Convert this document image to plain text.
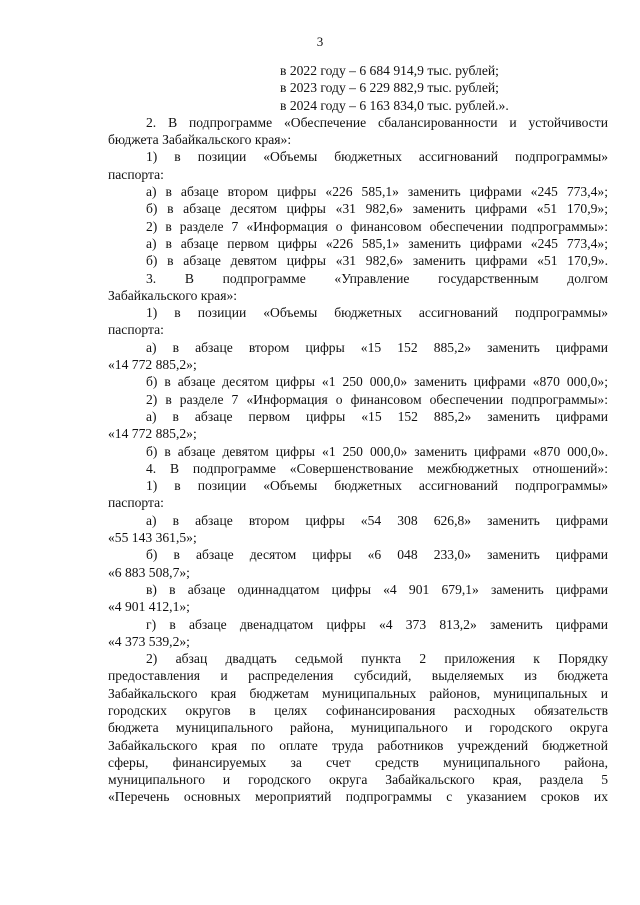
3
в 2022 году – 6 684 914,9 тыс. рублей;
в 2023 году – 6 229 882,9 тыс. рублей;
в 2024 году – 6 163 834,0 тыс. рублей.».
2. В подпрограмме «Обеспечение сбалансированности и устойчивости
бюджета Забайкальского края»:
1) в позиции «Объемы бюджетных ассигнований подпрограммы»
паспорта:
а) в абзаце втором цифры «226 585,1» заменить цифрами «245 773,4»;
б) в абзаце десятом цифры «31 982,6» заменить цифрами «51 170,9»;
2) в разделе 7 «Информация о финансовом обеспечении подпрограммы»:
а) в абзаце первом цифры «226 585,1» заменить цифрами «245 773,4»;
б) в абзаце девятом цифры «31 982,6» заменить цифрами «51 170,9».
3. В подпрограмме «Управление государственным долгом
Забайкальского края»:
1) в позиции «Объемы бюджетных ассигнований подпрограммы»
паспорта:
а) в абзаце втором цифры «15 152 885,2» заменить цифрами
«14 772 885,2»;
б) в абзаце десятом цифры «1 250 000,0» заменить цифрами «870 000,0»;
2) в разделе 7 «Информация о финансовом обеспечении подпрограммы»:
а) в абзаце первом цифры «15 152 885,2» заменить цифрами
«14 772 885,2»;
б) в абзаце девятом цифры «1 250 000,0» заменить цифрами «870 000,0».
4. В подпрограмме «Совершенствование межбюджетных отношений»:
1) в позиции «Объемы бюджетных ассигнований подпрограммы»
паспорта:
а) в абзаце втором цифры «54 308 626,8» заменить цифрами
«55 143 361,5»;
б) в абзаце десятом цифры «6 048 233,0» заменить цифрами
«6 883 508,7»;
в) в абзаце одиннадцатом цифры «4 901 679,1» заменить цифрами
«4 901 412,1»;
г) в абзаце двенадцатом цифры «4 373 813,2» заменить цифрами
«4 373 539,2»;
2) абзац двадцать седьмой пункта 2 приложения к Порядку
предоставления и распределения субсидий, выделяемых из бюджета
Забайкальского края бюджетам муниципальных районов, муниципальных и
городских округов в целях софинансирования расходных обязательств
бюджета муниципального района, муниципального и городского округа
Забайкальского края по оплате труда работников учреждений бюджетной
сферы, финансируемых за счет средств муниципального района,
муниципального и городского округа Забайкальского края, раздела 5
«Перечень основных мероприятий подпрограммы с указанием сроков их
